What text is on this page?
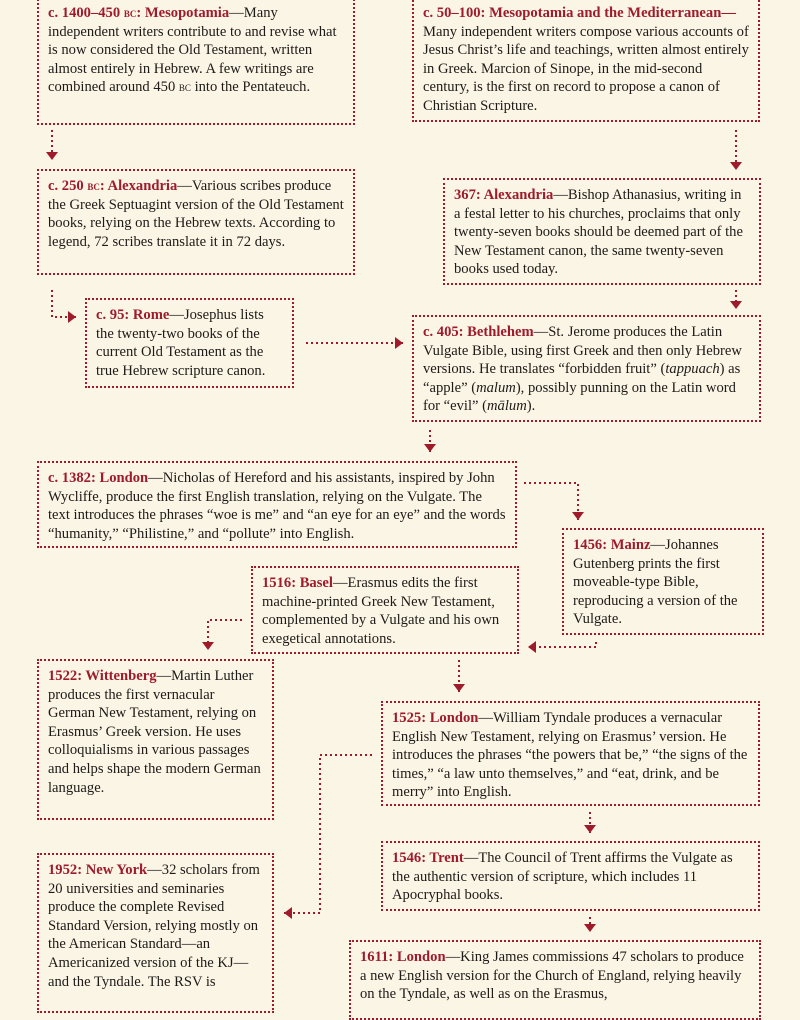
c. 1400–450 bc: Mesopotamia—Many independent writers contribute to and revise what is now considered the Old Testament, written almost entirely in Hebrew. A few writings are combined around 450 bc into the Pentateuch.
c. 50–100: Mesopotamia and the Mediterranean—Many independent writers compose various accounts of Jesus Christ’s life and teachings, written almost entirely in Greek. Marcion of Sinope, in the mid-second century, is the first on record to propose a canon of Christian Scripture.
c. 250 bc: Alexandria—Various scribes produce the Greek Septuagint version of the Old Testament books, relying on the Hebrew texts. According to legend, 72 scribes translate it in 72 days.
367: Alexandria—Bishop Athanasius, writing in a festal letter to his churches, proclaims that only twenty-seven books should be deemed part of the New Testament canon, the same twenty-seven books used today.
c. 95: Rome—Josephus lists the twenty-two books of the current Old Testament as the true Hebrew scripture canon.
c. 405: Bethlehem—St. Jerome produces the Latin Vulgate Bible, using first Greek and then only Hebrew versions. He translates “forbidden fruit” (tappuach) as “apple” (malum), possibly punning on the Latin word for “evil” (mālum).
c. 1382: London—Nicholas of Hereford and his assistants, inspired by John Wycliffe, produce the first English translation, relying on the Vulgate. The text introduces the phrases “woe is me” and “an eye for an eye” and the words “humanity,” “Philistine,” and “pollute” into English.
1456: Mainz—Johannes Gutenberg prints the first moveable-type Bible, reproducing a version of the Vulgate.
1516: Basel—Erasmus edits the first machine-printed Greek New Testament, complemented by a Vulgate and his own exegetical annotations.
1522: Wittenberg—Martin Luther produces the first vernacular German New Testament, relying on Erasmus’ Greek version. He uses colloquialisms in various passages and helps shape the modern German language.
1525: London—William Tyndale produces a vernacular English New Testament, relying on Erasmus’ version. He introduces the phrases “the powers that be,” “the signs of the times,” “a law unto themselves,” and “eat, drink, and be merry” into English.
1546: Trent—The Council of Trent affirms the Vulgate as the authentic version of scripture, which includes 11 Apocryphal books.
1952: New York—32 scholars from 20 universities and seminaries produce the complete Revised Standard Version, relying mostly on the American Standard—an Americanized version of the KJ—and the Tyndale. The RSV is
1611: London—King James commissions 47 scholars to produce a new English version for the Church of England, relying heavily on the Tyndale, as well as on the Erasmus,
